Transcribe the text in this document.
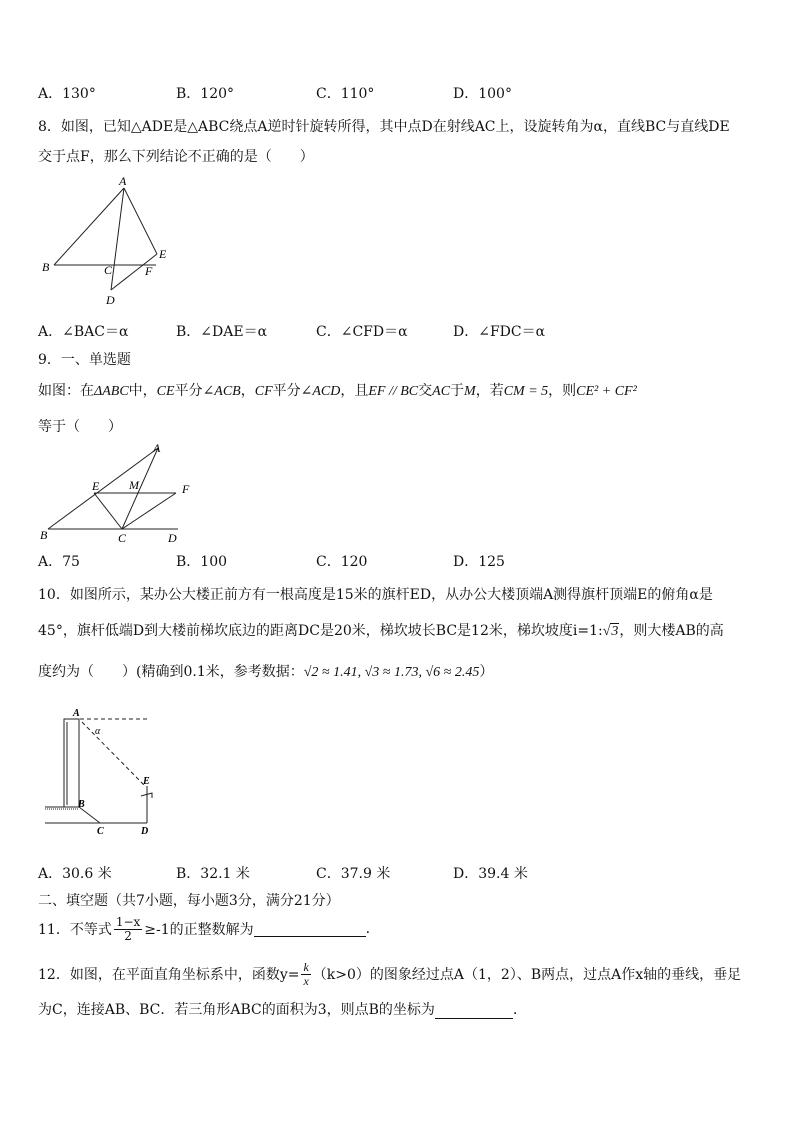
A．130°	B．120°	C．110°	D．100°
8．如图，已知△ADE是△ABC绕点A逆时针旋转所得，其中点D在射线AC上，设旋转角为α，直线BC与直线DE
交于点F，那么下列结论不正确的是（　　）
A
B	C	F
E
D
A．∠BAC＝α	B．∠DAE＝α	C．∠CFD＝α	D．∠FDC＝α
9．一、单选题
如图：在ΔABC中，CE平分∠ACB，CF平分∠ACD，且EF // BC交AC于M，若CM = 5，则CE² + CF²
等于（　　）
A
E M	F
B	C	D
A．75	B．100	C．120	D．125
10．如图所示，某办公大楼正前方有一根高度是15米的旗杆ED，从办公大楼顶端A测得旗杆顶端E的俯角α是
45°，旗杆低端D到大楼前梯坎底边的距离DC是20米，梯坎坡长BC是12米，梯坎坡度i=1:√3，则大楼AB的高
度约为（　　）(精确到0.1米，参考数据：√2 ≈ 1.41, √3 ≈ 1.73, √6 ≈ 2.45）
A
α
E
B
C	D
A．30.6 米	B．32.1 米	C．37.9 米	D．39.4 米
二、填空题（共7小题，每小题3分，满分21分）
11．不等式 $\frac{1-x}{2} \ge-1$的正整数解为	.
12．如图，在平面直角坐标系中，函数$y= \frac{k}{x} (k>0)$的图象经过点A（1，2）、B两点，过点A作x轴的垂线，垂足
为C，连接AB、BC．若三角形ABC的面积为3，则点B的坐标为	．
